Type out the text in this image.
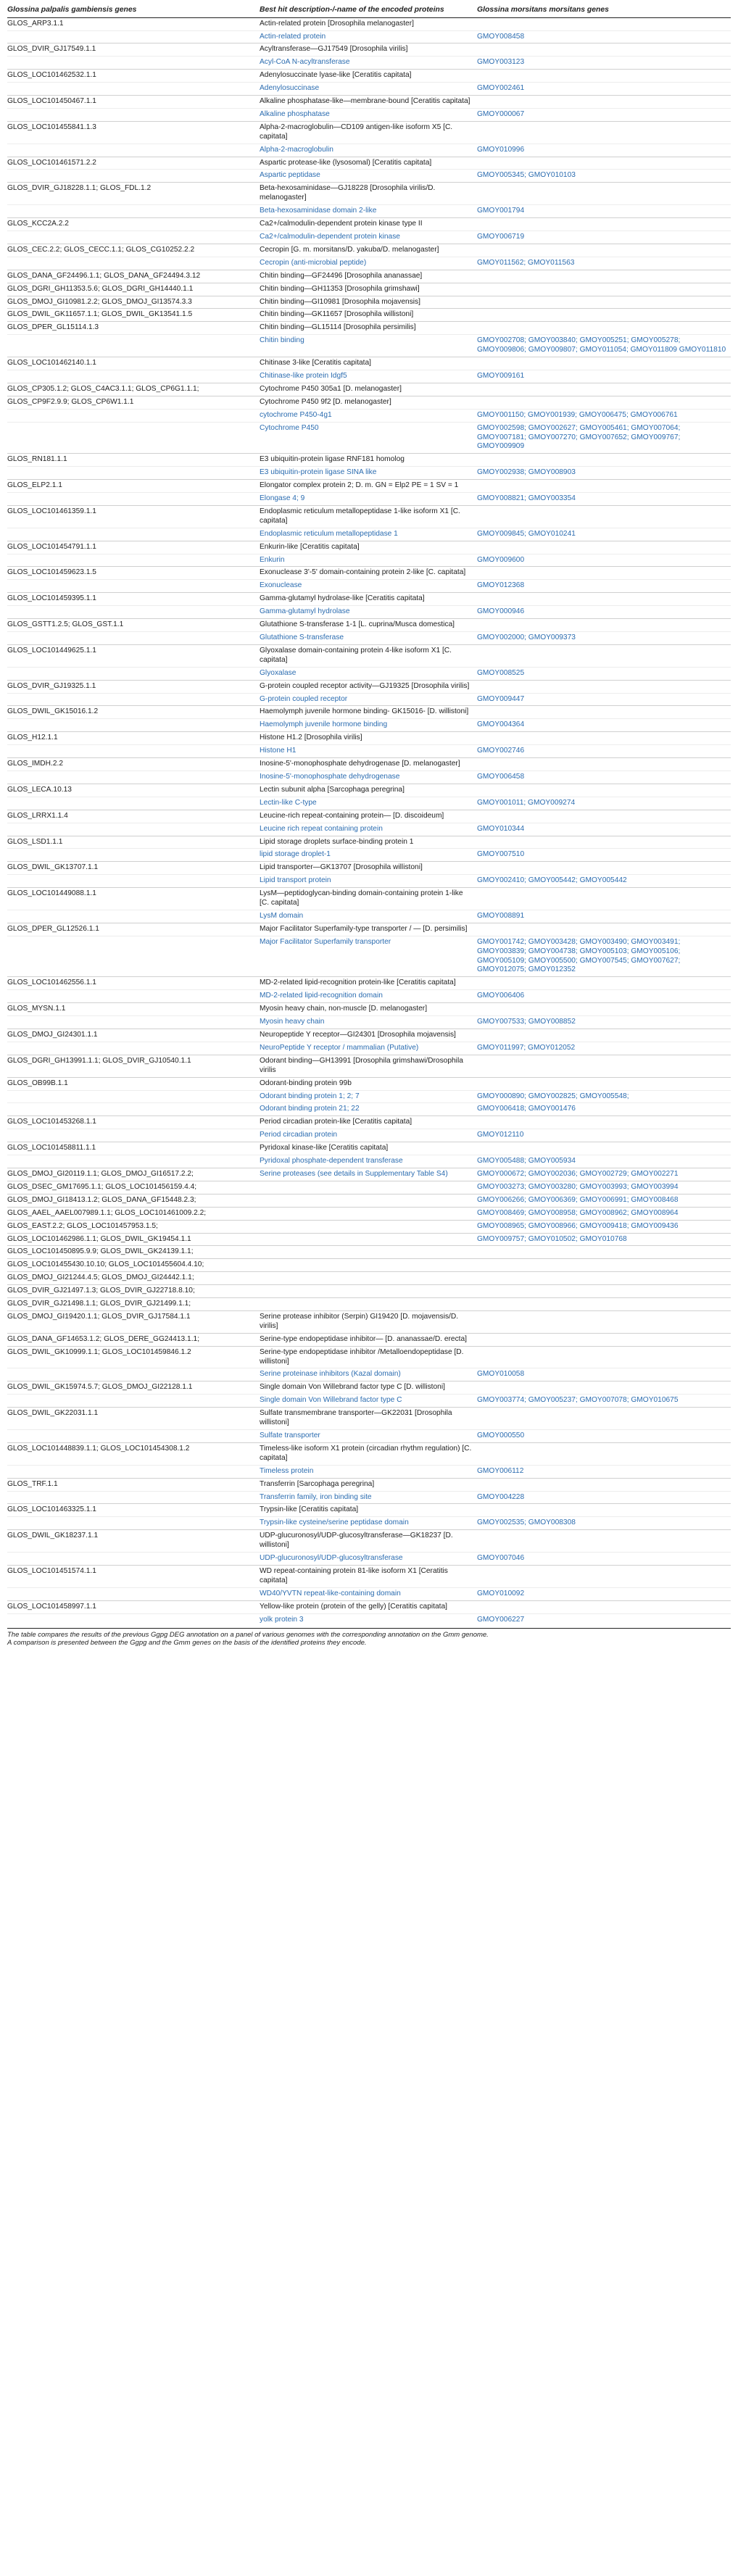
Glossina palpalis gambiensis genes	Best hit description-/-name of the encoded proteins	Glossina morsitans morsitans genes
GLOS_ARP3.1.1	Actin-related protein [Drosophila melanogaster]	
	Actin-related protein	GMOY008458
GLOS_DVIR_GJ17549.1.1	Acyltransferase—GJ17549 [Drosophila virilis]	
	Acyl-CoA N-acyltransferase	GMOY003123
GLOS_LOC101462532.1.1	Adenylosuccinate lyase-like [Ceratitis capitata]	
	Adenylosuccinase	GMOY002461
GLOS_LOC101450467.1.1	Alkaline phosphatase-like—membrane-bound [Ceratitis capitata]	
	Alkaline phosphatase	GMOY000067
GLOS_LOC101455841.1.3	Alpha-2-macroglobulin—CD109 antigen-like isoform X5 [C. capitata]	
	Alpha-2-macroglobulin	GMOY010996
GLOS_LOC101461571.2.2	Aspartic protease-like (lysosomal) [Ceratitis capitata]	
	Aspartic peptidase	GMOY005345; GMOY010103
GLOS_DVIR_GJ18228.1.1; GLOS_FDL.1.2	Beta-hexosaminidase—GJ18228 [Drosophila virilis/D. melanogaster]	
	Beta-hexosaminidase domain 2-like	GMOY001794
GLOS_KCC2A.2.2	Ca2+/calmodulin-dependent protein kinase type II	
	Ca2+/calmodulin-dependent protein kinase	GMOY006719
GLOS_CEC.2.2; GLOS_CECC.1.1; GLOS_CG10252.2.2	Cecropin [G. m. morsitans/D. yakuba/D. melanogaster]	
	Cecropin (anti-microbial peptide)	GMOY011562; GMOY011563
GLOS_DANA_GF24496.1.1; GLOS_DANA_GF24494.3.12	Chitin binding—GF24496 [Drosophila ananassae]	
GLOS_DGRI_GH11353.5.6; GLOS_DGRI_GH14440.1.1	Chitin binding—GH11353 [Drosophila grimshawi]	
GLOS_DMOJ_GI10981.2.2; GLOS_DMOJ_GI13574.3.3	Chitin binding—GI10981 [Drosophila mojavensis]	
GLOS_DWIL_GK11657.1.1; GLOS_DWIL_GK13541.1.5	Chitin binding—GK11657 [Drosophila willistoni]	
GLOS_DPER_GL15114.1.3	Chitin binding—GL15114 [Drosophila persimilis]	
	Chitin binding	GMOY002708; GMOY003840; GMOY005251; GMOY005278; GMOY009806; GMOY009807; GMOY011054; GMOY011809 GMOY011810
GLOS_LOC101462140.1.1	Chitinase 3-like [Ceratitis capitata]	
	Chitinase-like protein Idgf5	GMOY009161
GLOS_CP305.1.2; GLOS_C4AC3.1.1; GLOS_CP6G1.1.1;	Cytochrome P450 305a1 [D. melanogaster]	
GLOS_CP9F2.9.9; GLOS_CP6W1.1.1	Cytochrome P450 9f2 [D. melanogaster]	
	cytochrome P450-4g1	GMOY001150; GMOY001939; GMOY006475; GMOY006761
	Cytochrome P450	GMOY002598; GMOY002627; GMOY005461; GMOY007064; GMOY007181; GMOY007270; GMOY007652; GMOY009767; GMOY009909
GLOS_RN181.1.1	E3 ubiquitin-protein ligase RNF181 homolog	
	E3 ubiquitin-protein ligase SINA like	GMOY002938; GMOY008903
GLOS_ELP2.1.1	Elongator complex protein 2; D. m. GN = Elp2 PE = 1 SV = 1	
	Elongase 4; 9	GMOY008821; GMOY003354
GLOS_LOC101461359.1.1	Endoplasmic reticulum metallopeptidase 1-like isoform X1 [C. capitata]	
	Endoplasmic reticulum metallopeptidase 1	GMOY009845; GMOY010241
GLOS_LOC101454791.1.1	Enkurin-like [Ceratitis capitata]	
	Enkurin	GMOY009600
GLOS_LOC101459623.1.5	Exonuclease 3'-5' domain-containing protein 2-like [C. capitata]	
	Exonuclease	GMOY012368
GLOS_LOC101459395.1.1	Gamma-glutamyl hydrolase-like [Ceratitis capitata]	
	Gamma-glutamyl hydrolase	GMOY000946
GLOS_GSTT1.2.5; GLOS_GST.1.1	Glutathione S-transferase 1-1 [L. cuprina/Musca domestica]	
	Glutathione S-transferase	GMOY002000; GMOY009373
GLOS_LOC101449625.1.1	Glyoxalase domain-containing protein 4-like isoform X1 [C. capitata]	
	Glyoxalase	GMOY008525
GLOS_DVIR_GJ19325.1.1	G-protein coupled receptor activity—GJ19325 [Drosophila virilis]	
	G-protein coupled receptor	GMOY009447
GLOS_DWIL_GK15016.1.2	Haemolymph juvenile hormone binding- GK15016- [D. willistoni]	
	Haemolymph juvenile hormone binding	GMOY004364
GLOS_H12.1.1	Histone H1.2 [Drosophila virilis]	
	Histone H1	GMOY002746
GLOS_IMDH.2.2	Inosine-5'-monophosphate dehydrogenase [D. melanogaster]	
	Inosine-5'-monophosphate dehydrogenase	GMOY006458
GLOS_LECA.10.13	Lectin subunit alpha [Sarcophaga peregrina]	
	Lectin-like C-type	GMOY001011; GMOY009274
GLOS_LRRX1.1.4	Leucine-rich repeat-containing protein— [D. discoideum]	
	Leucine rich repeat containing protein	GMOY010344
GLOS_LSD1.1.1	Lipid storage droplets surface-binding protein 1	
	lipid storage droplet-1	GMOY007510
GLOS_DWIL_GK13707.1.1	Lipid transporter—GK13707 [Drosophila willistoni]	
	Lipid transport protein	GMOY002410; GMOY005442; GMOY005442
GLOS_LOC101449088.1.1	LysM—peptidoglycan-binding domain-containing protein 1-like [C. capitata]	
	LysM domain	GMOY008891
GLOS_DPER_GL12526.1.1	Major Facilitator Superfamily-type transporter / — [D. persimilis]	
	Major Facilitator Superfamily transporter	GMOY001742; GMOY003428; GMOY003490; GMOY003491; GMOY003839; GMOY004738; GMOY005103; GMOY005106; GMOY005109; GMOY005500; GMOY007545; GMOY007627; GMOY012075; GMOY012352
GLOS_LOC101462556.1.1	MD-2-related lipid-recognition protein-like [Ceratitis capitata]	
	MD-2-related lipid-recognition domain	GMOY006406
GLOS_MYSN.1.1	Myosin heavy chain, non-muscle [D. melanogaster]	
	Myosin heavy chain	GMOY007533; GMOY008852
GLOS_DMOJ_GI24301.1.1	Neuropeptide Y receptor—GI24301 [Drosophila mojavensis]	
	NeuroPeptide Y receptor / mammalian (Putative)	GMOY011997; GMOY012052
GLOS_DGRI_GH13991.1.1; GLOS_DVIR_GJ10540.1.1	Odorant binding—GH13991 [Drosophila grimshawi/Drosophila virilis	
GLOS_OB99B.1.1	Odorant-binding protein 99b	
	Odorant binding protein 1; 2; 7	GMOY000890; GMOY002825; GMOY005548;
	Odorant binding protein 21; 22	GMOY006418; GMOY001476
GLOS_LOC101453268.1.1	Period circadian protein-like [Ceratitis capitata]	
	Period circadian protein	GMOY012110
GLOS_LOC101458811.1.1	Pyridoxal kinase-like [Ceratitis capitata]	
	Pyridoxal phosphate-dependent transferase	GMOY005488; GMOY005934
GLOS_DMOJ_GI20119.1.1; GLOS_DMOJ_GI16517.2.2;	Serine proteases (see details in Supplementary Table S4)	GMOY000672; GMOY002036; GMOY002729; GMOY002271
GLOS_DSEC_GM17695.1.1; GLOS_LOC101456159.4.4;		GMOY003273; GMOY003280; GMOY003993; GMOY003994
GLOS_DMOJ_GI18413.1.2; GLOS_DANA_GF15448.2.3;		GMOY006266; GMOY006369; GMOY006991; GMOY008468
GLOS_AAEL_AAEL007989.1.1; GLOS_LOC101461009.2.2;		GMOY008469; GMOY008958; GMOY008962; GMOY008964
GLOS_EAST.2.2; GLOS_LOC101457953.1.5;		GMOY008965; GMOY008966; GMOY009418; GMOY009436
GLOS_LOC101462986.1.1; GLOS_DWIL_GK19454.1.1		GMOY009757; GMOY010502; GMOY010768
GLOS_LOC101450895.9.9; GLOS_DWIL_GK24139.1.1;		
GLOS_LOC101455430.10.10; GLOS_LOC101455604.4.10;		
GLOS_DMOJ_GI21244.4.5; GLOS_DMOJ_GI24442.1.1;		
GLOS_DVIR_GJ21497.1.3; GLOS_DVIR_GJ22718.8.10;		
GLOS_DVIR_GJ21498.1.1; GLOS_DVIR_GJ21499.1.1;		
GLOS_DMOJ_GI19420.1.1; GLOS_DVIR_GJ17584.1.1	Serine protease inhibitor (Serpin) GI19420 [D. mojavensis/D. virilis]	
GLOS_DANA_GF14653.1.2; GLOS_DERE_GG24413.1.1;	Serine-type endopeptidase inhibitor— [D. ananassae/D. erecta]	
GLOS_DWIL_GK10999.1.1; GLOS_LOC101459846.1.2	Serine-type endopeptidase inhibitor /Metalloendopeptidase [D. willistoni]	
	Serine proteinase inhibitors (Kazal domain)	GMOY010058
GLOS_DWIL_GK15974.5.7; GLOS_DMOJ_GI22128.1.1	Single domain Von Willebrand factor type C [D. willistoni]	
	Single domain Von Willebrand factor type C	GMOY003774; GMOY005237; GMOY007078; GMOY010675
GLOS_DWIL_GK22031.1.1	Sulfate transmembrane transporter—GK22031 [Drosophila willistoni]	
	Sulfate transporter	GMOY000550
GLOS_LOC101448839.1.1; GLOS_LOC101454308.1.2	Timeless-like isoform X1 protein (circadian rhythm regulation) [C. capitata]	
	Timeless protein	GMOY006112
GLOS_TRF.1.1	Transferrin [Sarcophaga peregrina]	
	Transferrin family, iron binding site	GMOY004228
GLOS_LOC101463325.1.1	Trypsin-like [Ceratitis capitata]	
	Trypsin-like cysteine/serine peptidase domain	GMOY002535; GMOY008308
GLOS_DWIL_GK18237.1.1	UDP-glucuronosyl/UDP-glucosyltransferase—GK18237 [D. willistoni]	
	UDP-glucuronosyl/UDP-glucosyltransferase	GMOY007046
GLOS_LOC101451574.1.1	WD repeat-containing protein 81-like isoform X1 [Ceratitis capitata]	
	WD40/YVTN repeat-like-containing domain	GMOY010092
GLOS_LOC101458997.1.1	Yellow-like protein (protein of the gelly) [Ceratitis capitata]	
	yolk protein 3	GMOY006227
The table compares the results of the previous Ggpg DEG annotation on a panel of various genomes with the corresponding annotation on the Gmm genome.
A comparison is presented between the Ggpg and the Gmm genes on the basis of the identified proteins they encode.
